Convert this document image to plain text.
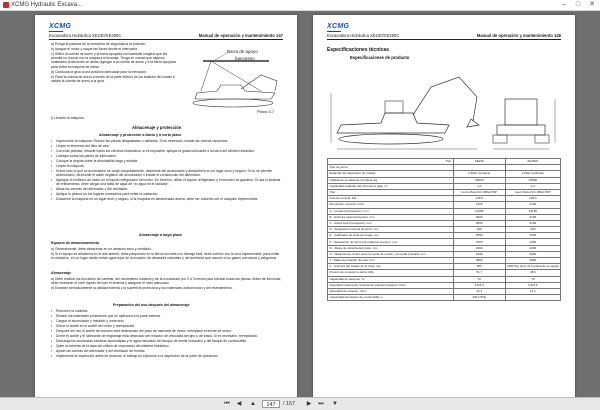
XCMG Hydraulic Excava...	–	□	✕
XCMG
Excavadora Hidráulica XE230/XE250C	Manual de operación y mantenimiento 147

a) Ponga la palanca de la cerradura de seguridad a la posición.

b) Apague el motor y saque las llaves desde el interruptor.

c) Utilice la cuerda de acero y la barra apoyada con bastante longitud que les permita no chocar con la máquina al levantar. Tenga en cuenta que algunos materiales protectores se deben agregar a la cuerda de acero y a la barra apoyada para evitar la máquina de dañar.

d) Conducta la grúa a una posición adecuada para la elevación.

e) Pase la cuerda de acero a través de la parte inferior de los bastidor del chasis e instale la cuerda de acero a la grúa.

Barra de apoyo
bancestro
Plano 5-7

f) Levante la máquina.

Almacenaje y protección
Almacenaje y protección a diario y a corto plazo

• Inspeccione la máquina. Repare las piezas desgastadas o dañadas. Si es necesario, instale las nuevas repuestos.

• Limpie el elemento del filtro de aire.

• Corra las pistolas, retracte todos los cilindros hidráulicos; si es imposible, aplique la grasa lubricante a la barra del cilindro hidráulico.

• Lubrique todas las partes de lubricación.

• Coloque la ángula sobre la almohadilla larga y estable.

• Limpie la máquina.

• Drene todo lo que se acumulador se cuaje completamente, desmonte del acumulador y almacénelo en un lugar seco y seguro. Si no se permite desmontarlo, desmonte el cable negativo del acumulador o instale el cortacircuito del alternador.

• Agregue el inhibidor de moho en el líquido refrigerador del motor. En invierno, utilice el líquido refrigerador y el bombeo es gasolina. Si usa el sistema de enfriamiento, debe cargar una tabla de agua de 'no agua en el radiador'.

• Afloje las correas del alternador y del ventilador.

• Aplique la pintura en los lugares necesarios para evitar la oxidación.

• Estacione la máquina en un lugar seco y seguro, si la máquina es almacenada afuera, debe ser cubierta con el casquillo impermeable.

Almacenaje a largo plazo
Espacio de almacenamiento

a) Generalmente, debe almacenar en un almacén seco y ventilado.

b) Si el equipo se almacena en el aire abierto, debe parquearlo en la tierra concreta con drenaje fácil; debe cubrirlo con la lona impermeable, para evitar la oxidación, en un lugar donde existe agua lejos de la invasión de desastres naturales y del ambiente que causen a los gases corrosivos y peligrosos.

Almacenaje

a) Debe realizar los funciones de caminar, del movimiento rotatorio y de la excavación por 2 a 3 meses para lubricar todas las piezas. Antes de funcionar, debe examinar el nivel líquido de todo el sistema y asegurar el nivel adecuado.

b) Examine periódicamente la calidad externa y la superficie protectora y los materiales anticorrosión y del revestimiento.

Preparación del uso después del almacenaje

• Remueve la cubierta.

• Elimine los materiales protectores que se aplicaron a la parte externa.

• Cargue el acumulador y instálelo y conéctelo.

• Drene el aceite en el aceite del motor y reemplácelo.

• Después del uso el aceite de motores está deteriorado del paso de manivela de motor, reemplace el aceite de motor.

• Drene el aceite y el lubricante de engranaje está desecado del reductor de velocidad del giro y de trasla. Si es necesario, reemplácelo.

• Descarga los sustancias extrañas acumuladas y el agua mezclado del tanque de aceite hidráulico y del tanque de combustible.

• Quite la cubierta de la tapa del orificio de respiración del sistema hidráulico.

• Ajuste las correas del alternador y del ventilador de bomba.

• Implemente la inspección antes de arrancar, el trabajo es expuesto a la inspección de la parte de operación.

XCMG
Excavadora Hidráulica XE230/XE250C	Manual de operación y mantenimiento 148
Especificaciones técnicas
Especificaciones de producto
Tipo	XE230	XE250C
Tipo de perno		
Estándar del dispositivo de trabajo	2.6Mm suchante	2.6Mm suchante
Calidad de la máquina completa, kg	23020	25500
Capacidad estándar del cubo de la pala, m³	1,0	1,2
Tipo	Isuzu Motor/CC-6BG1TRP	Isuzu Motor/CC-6BG1TRP
Fuerza nominal, kW	128,5	128,5
Revolución nominal, r/min	2100	2100
A - Longitud (transporte), mm	10185	10185
B - Anchura total (transporte), mm	2990	3190
C - Altura total (transporte), mm	3000	3190
D - Separación mínima de tierra, mm	460	460
E - Calibrador de pista de oruga, mm	2590	2590
F - Separación de tierra a la máquina superior, mm	1060	1060
G - Altura de cubierta del motor, mm	2200	2200
H - Distancia de centro entre la rueda de sostén y la rueda primaria, mm	3430	3660
J - Radio de rotación de cola, mm	2860	2860
K - Anchura del zapato de la pista, mm	600	600(Tres tipos de la placa de la rueda)
Presión de conexión a tierra, kPa	51,7	48,9
Capacidad de ascenso, %	70	70
Velocidad máxima de movimiento anterior/posterior, km/h	5,5/3,5	5,5/3,5
Velocidad de rotación, r/min	12,1	12,1
Capacidad del tanque de combustible, L	430 (75%)	
⏮	◀	▲	147	/ 157	▶	⏭	▼
